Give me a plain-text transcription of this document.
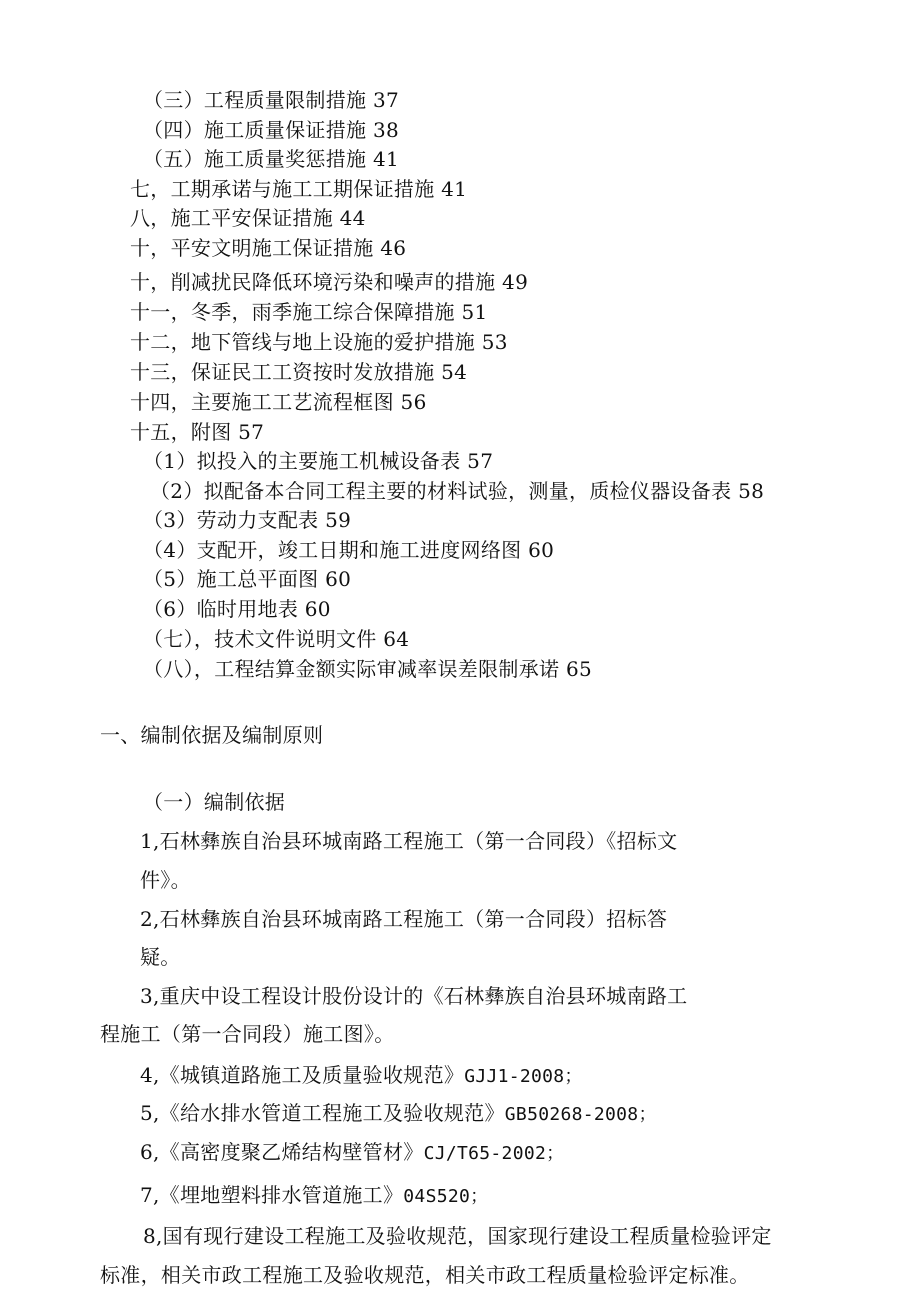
（三）工程质量限制措施 37
（四）施工质量保证措施 38
（五）施工质量奖惩措施 41
七，工期承诺与施工工期保证措施 41
八，施工平安保证措施 44
十，平安文明施工保证措施 46
十，削减扰民降低环境污染和噪声的措施 49
十一，冬季，雨季施工综合保障措施 51
十二，地下管线与地上设施的爱护措施 53
十三，保证民工工资按时发放措施 54
十四，主要施工工艺流程框图 56
十五，附图 57
（1）拟投入的主要施工机械设备表 57
（2）拟配备本合同工程主要的材料试验，测量，质检仪器设备表 58
（3）劳动力支配表 59
（4）支配开，竣工日期和施工进度网络图 60
（5）施工总平面图 60
（6）临时用地表 60
（七），技术文件说明文件 64
（八），工程结算金额实际审减率误差限制承诺 65
一、编制依据及编制原则
（一）编制依据
1,石林彝族自治县环城南路工程施工（第一合同段）《招标文
件》。
2,石林彝族自治县环城南路工程施工（第一合同段）招标答
疑。
3,重庆中设工程设计股份设计的《石林彝族自治县环城南路工
程施工（第一合同段）施工图》。
4,《城镇道路施工及质量验收规范》GJJ1-2008；
5,《给水排水管道工程施工及验收规范》GB50268-2008；
6,《高密度聚乙烯结构壁管材》CJ/T65-2002；
7,《埋地塑料排水管道施工》04S520；
8,国有现行建设工程施工及验收规范，国家现行建设工程质量检验评定
标准，相关市政工程施工及验收规范，相关市政工程质量检验评定标准。
